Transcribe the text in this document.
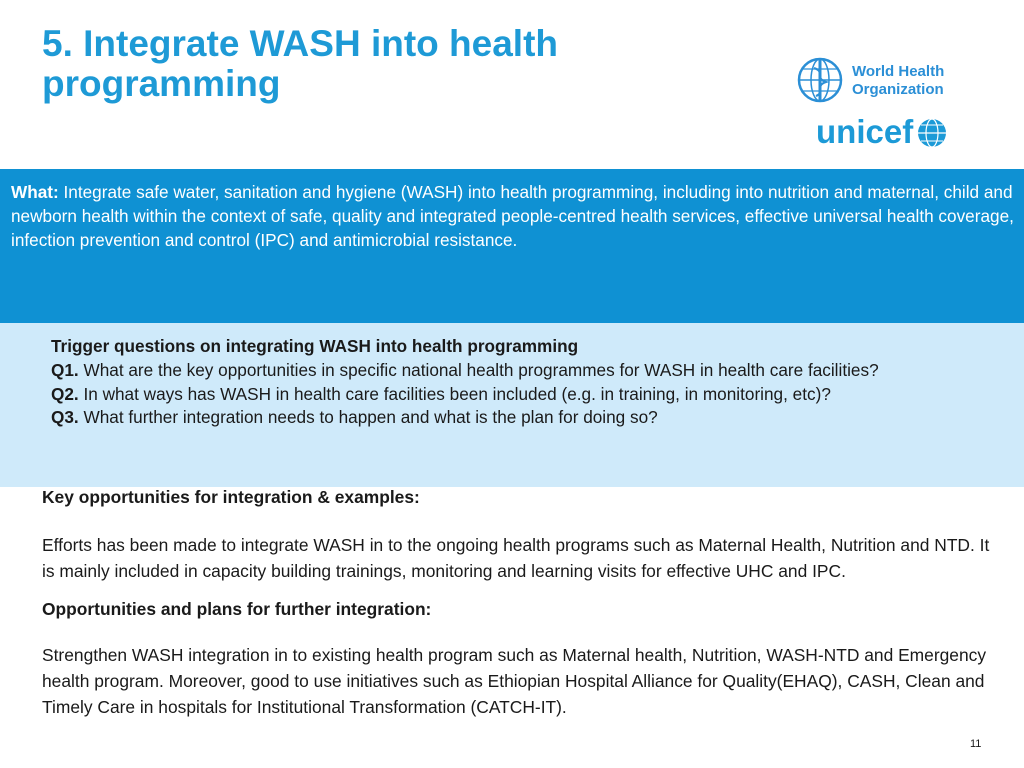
5. Integrate WASH into health
programming	World Health
Organization
unicef
What: Integrate safe water, sanitation and hygiene (WASH) into health programming, including into nutrition and maternal, child and newborn health within the context of safe, quality and integrated people-centred health services, effective universal health coverage, infection prevention and control (IPC) and antimicrobial resistance.
Trigger questions on integrating WASH into health programming
Q1. What are the key opportunities in specific national health programmes for WASH in health care facilities?
Q2. In what ways has WASH in health care facilities been included (e.g. in training, in monitoring, etc)?
Q3. What further integration needs to happen and what is the plan for doing so?
Key opportunities for integration & examples:
Efforts has been made to integrate WASH in to the ongoing health programs such as Maternal Health, Nutrition and NTD. It is mainly included in capacity building trainings, monitoring and learning visits for effective UHC and IPC.
Opportunities and plans for further integration:
Strengthen WASH integration in to existing health program such as Maternal health, Nutrition, WASH-NTD and Emergency health program. Moreover, good to use initiatives such as Ethiopian Hospital Alliance for Quality(EHAQ), CASH, Clean and Timely Care in hospitals for Institutional Transformation (CATCH-IT).
11
